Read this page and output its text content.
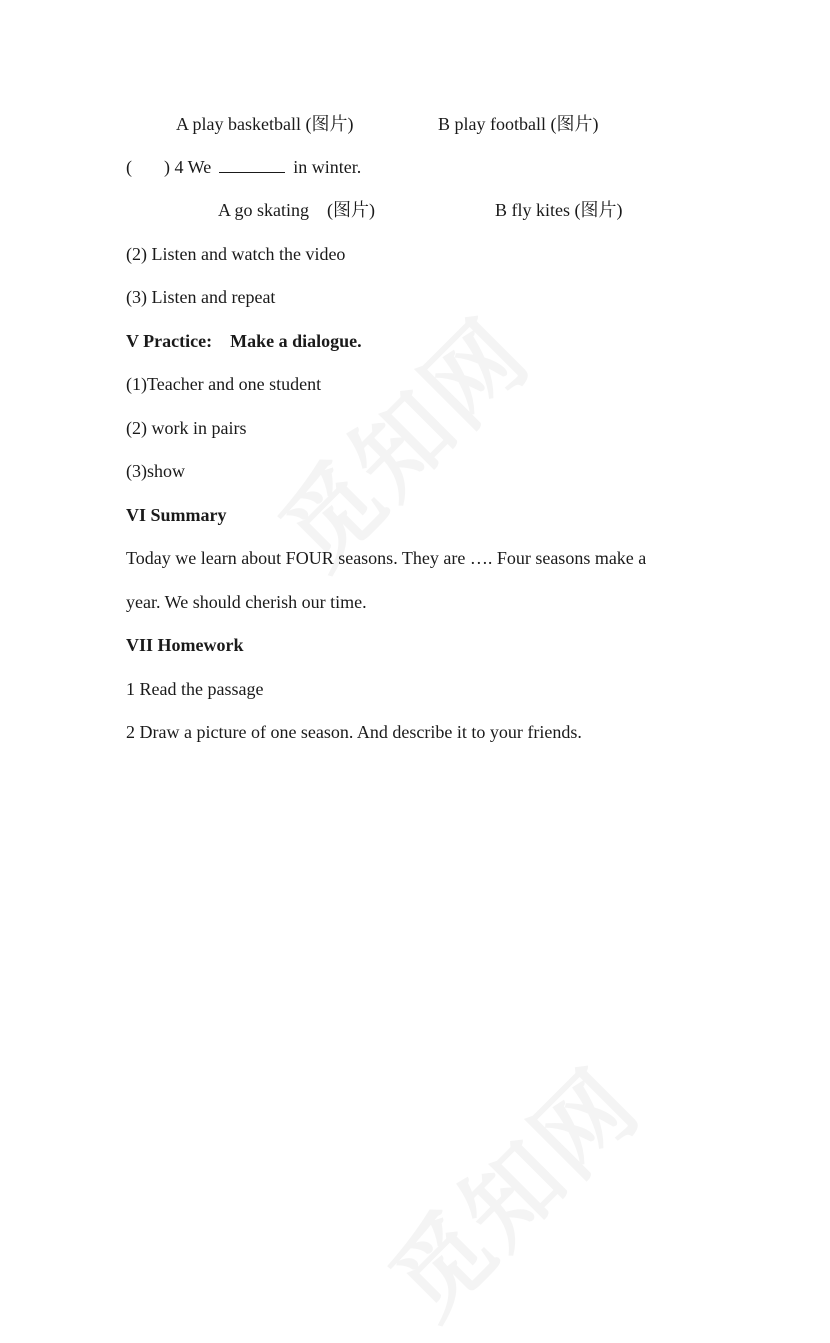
A play basketball (图片)	B play football (图片)
( ) 4 We	in winter.
A go skating　(图片)	B fly kites (图片)
(2) Listen and watch the video
(3) Listen and repeat
V Practice:　Make a dialogue.
(1)Teacher and one student
(2) work in pairs
(3)show
VI Summary
Today we learn about FOUR seasons. They are …. Four seasons make a
year. We should cherish our time.
VII Homework
1 Read the passage
2 Draw a picture of one season. And describe it to your friends.
